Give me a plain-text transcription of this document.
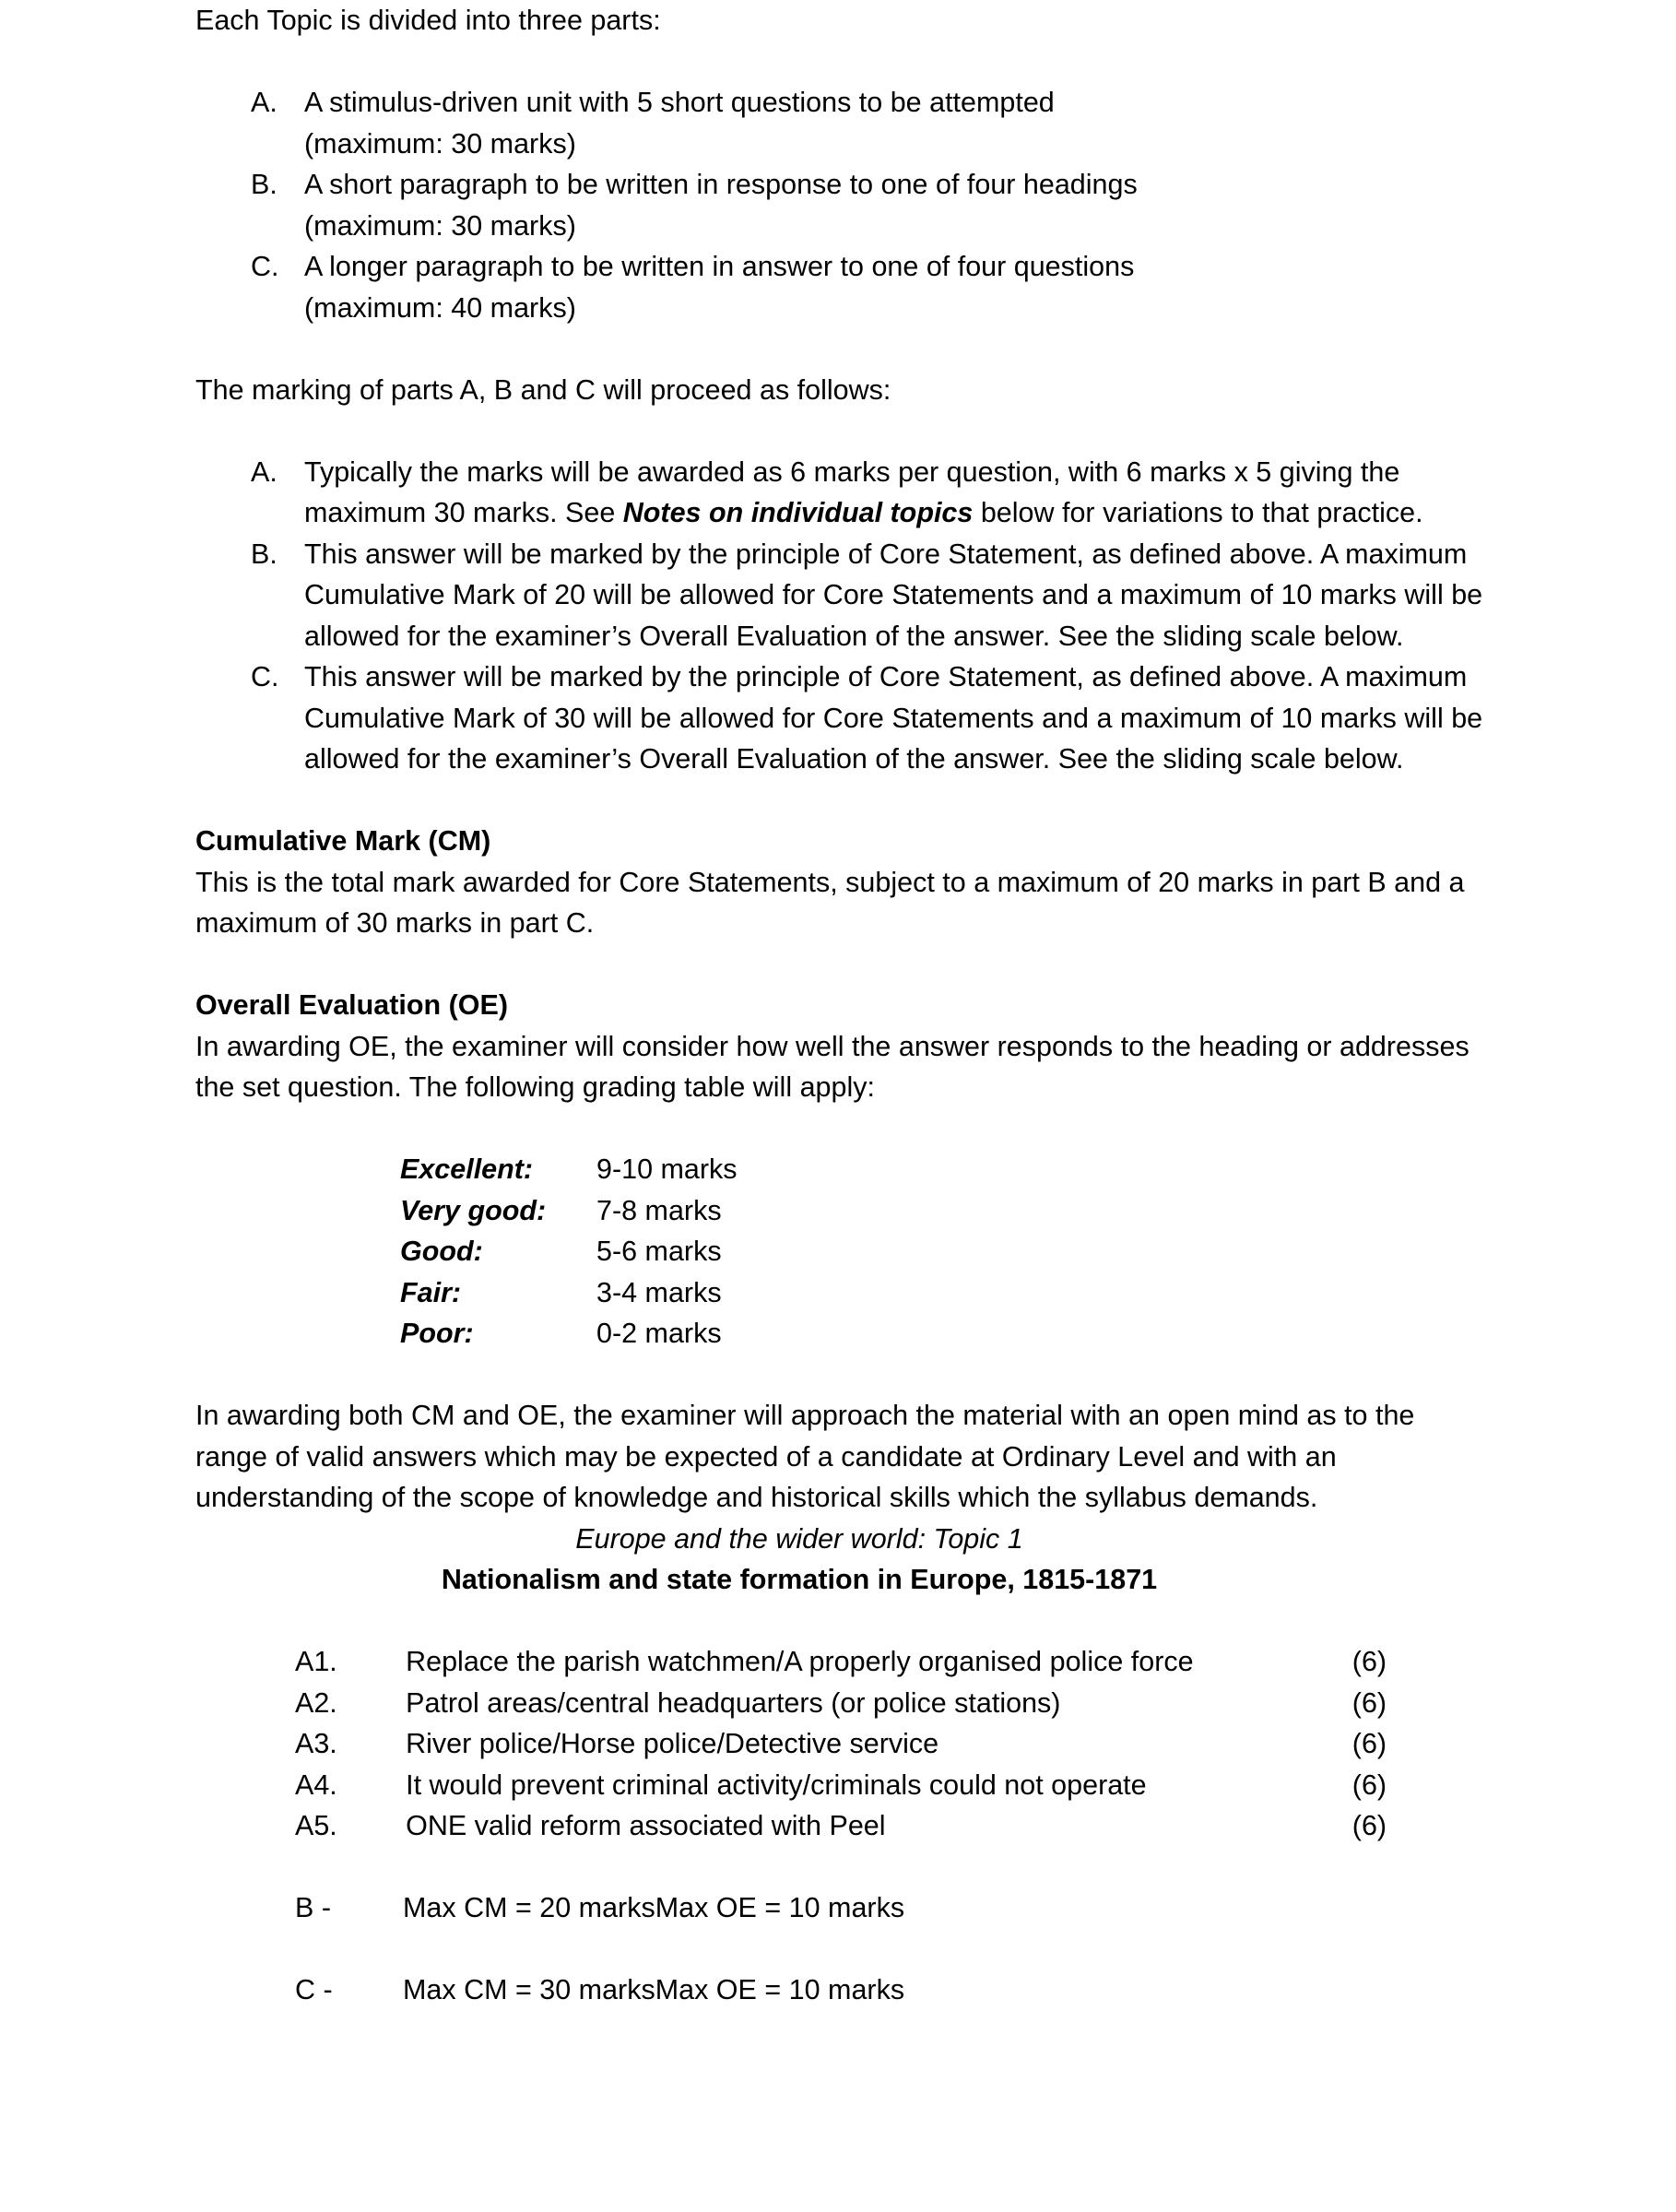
Each Topic is divided into three parts:

A. A stimulus-driven unit with 5 short questions to be attempted
(maximum: 30 marks)
B. A short paragraph to be written in response to one of four headings
(maximum: 30 marks)
C. A longer paragraph to be written in answer to one of four questions
(maximum: 40 marks)

The marking of parts A, B and C will proceed as follows:

A. Typically the marks will be awarded as 6 marks per question, with 6 marks x 5 giving the maximum 30 marks. See Notes on individual topics below for variations to that practice.
B. This answer will be marked by the principle of Core Statement, as defined above. A maximum Cumulative Mark of 20 will be allowed for Core Statements and a maximum of 10 marks will be allowed for the examiner’s Overall Evaluation of the answer. See the sliding scale below.
C. This answer will be marked by the principle of Core Statement, as defined above. A maximum Cumulative Mark of 30 will be allowed for Core Statements and a maximum of 10 marks will be allowed for the examiner’s Overall Evaluation of the answer. See the sliding scale below.

Cumulative Mark (CM)

This is the total mark awarded for Core Statements, subject to a maximum of 20 marks in part B and a maximum of 30 marks in part C.

Overall Evaluation (OE)

In awarding OE, the examiner will consider how well the answer responds to the heading or addresses the set question. The following grading table will apply:

Excellent:	9-10 marks
Very good:	7-8 marks
Good:	5-6 marks
Fair:	3-4 marks
Poor:	0-2 marks

In awarding both CM and OE, the examiner will approach the material with an open mind as to the range of valid answers which may be expected of a candidate at Ordinary Level and with an understanding of the scope of knowledge and historical skills which the syllabus demands.

Europe and the wider world: Topic 1

Nationalism and state formation in Europe, 1815-1871

A1.	Replace the parish watchmen/A properly organised police force	(6)
A2.	Patrol areas/central headquarters (or police stations)	(6)
A3.	River police/Horse police/Detective service	(6)
A4.	It would prevent criminal activity/criminals could not operate	(6)
A5.	ONE valid reform associated with Peel	(6)
B -	Max CM = 20 marks	Max OE = 10 marks
C -	Max CM = 30 marks	Max OE = 10 marks
